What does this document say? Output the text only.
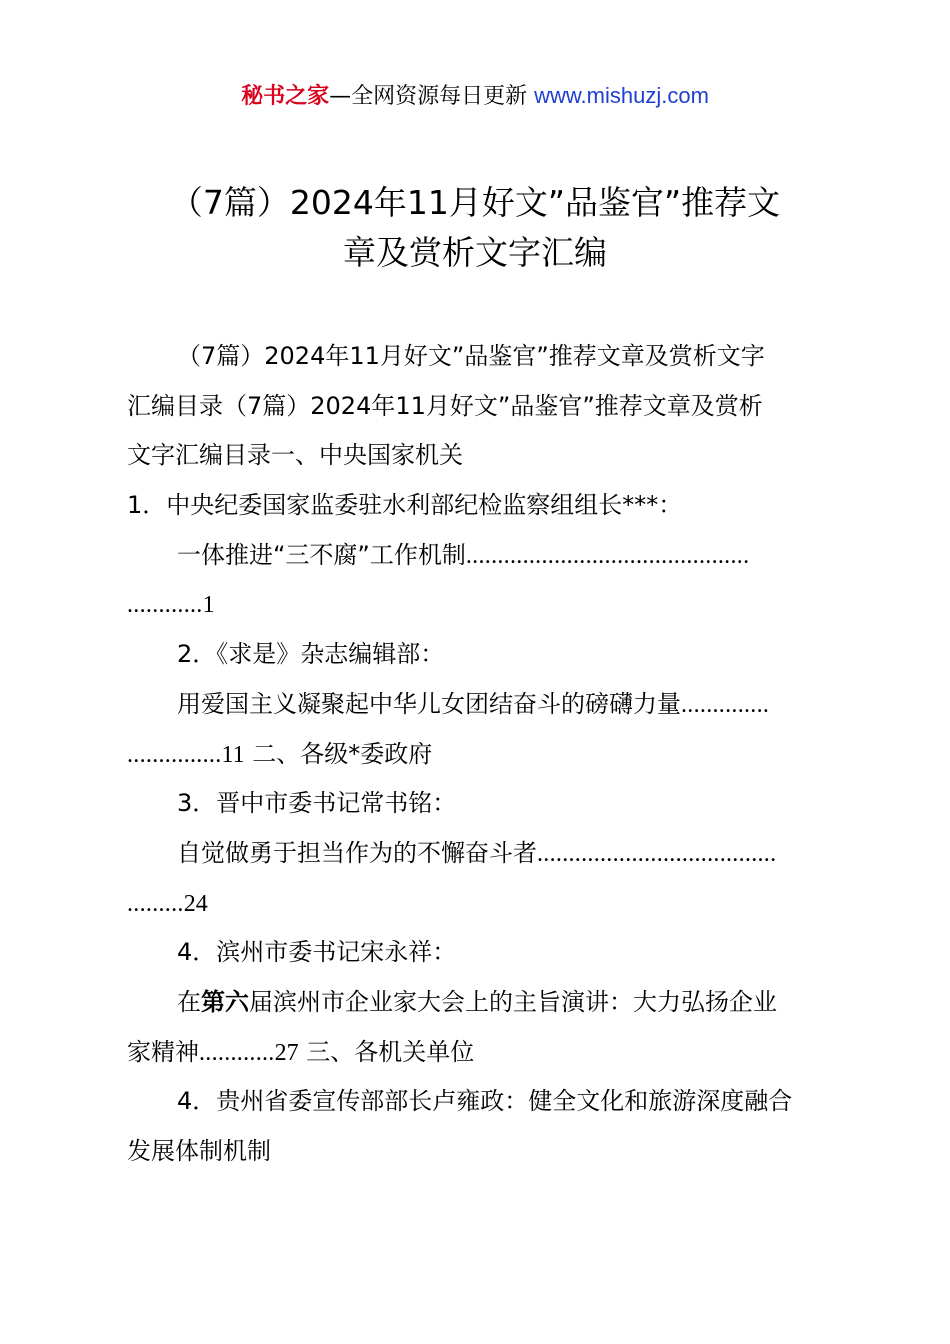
秘书之家—全网资源每日更新 www.mishuzj.com
（7篇）2024年11月好文”品鉴官”推荐文
章及赏析文字汇编
（7篇）2024年11月好文”品鉴官”推荐文章及赏析文字
汇编目录（7篇）2024年11月好文”品鉴官”推荐文章及赏析
文字汇编目录一、中央国家机关
1．中央纪委国家监委驻水利部纪检监察组组长***：
一体推进“三不腐”工作机制.............................................
............1
2．《求是》杂志编辑部：
用爱国主义凝聚起中华儿女团结奋斗的磅礴力量..............
...............11 二、各级*委政府
3．晋中市委书记常书铭：
自觉做勇于担当作为的不懈奋斗者......................................
.........24
4．滨州市委书记宋永祥：
在第六届滨州市企业家大会上的主旨演讲：大力弘扬企业
家精神............27 三、各机关单位
4．贵州省委宣传部部长卢雍政：健全文化和旅游深度融合
发展体制机制
